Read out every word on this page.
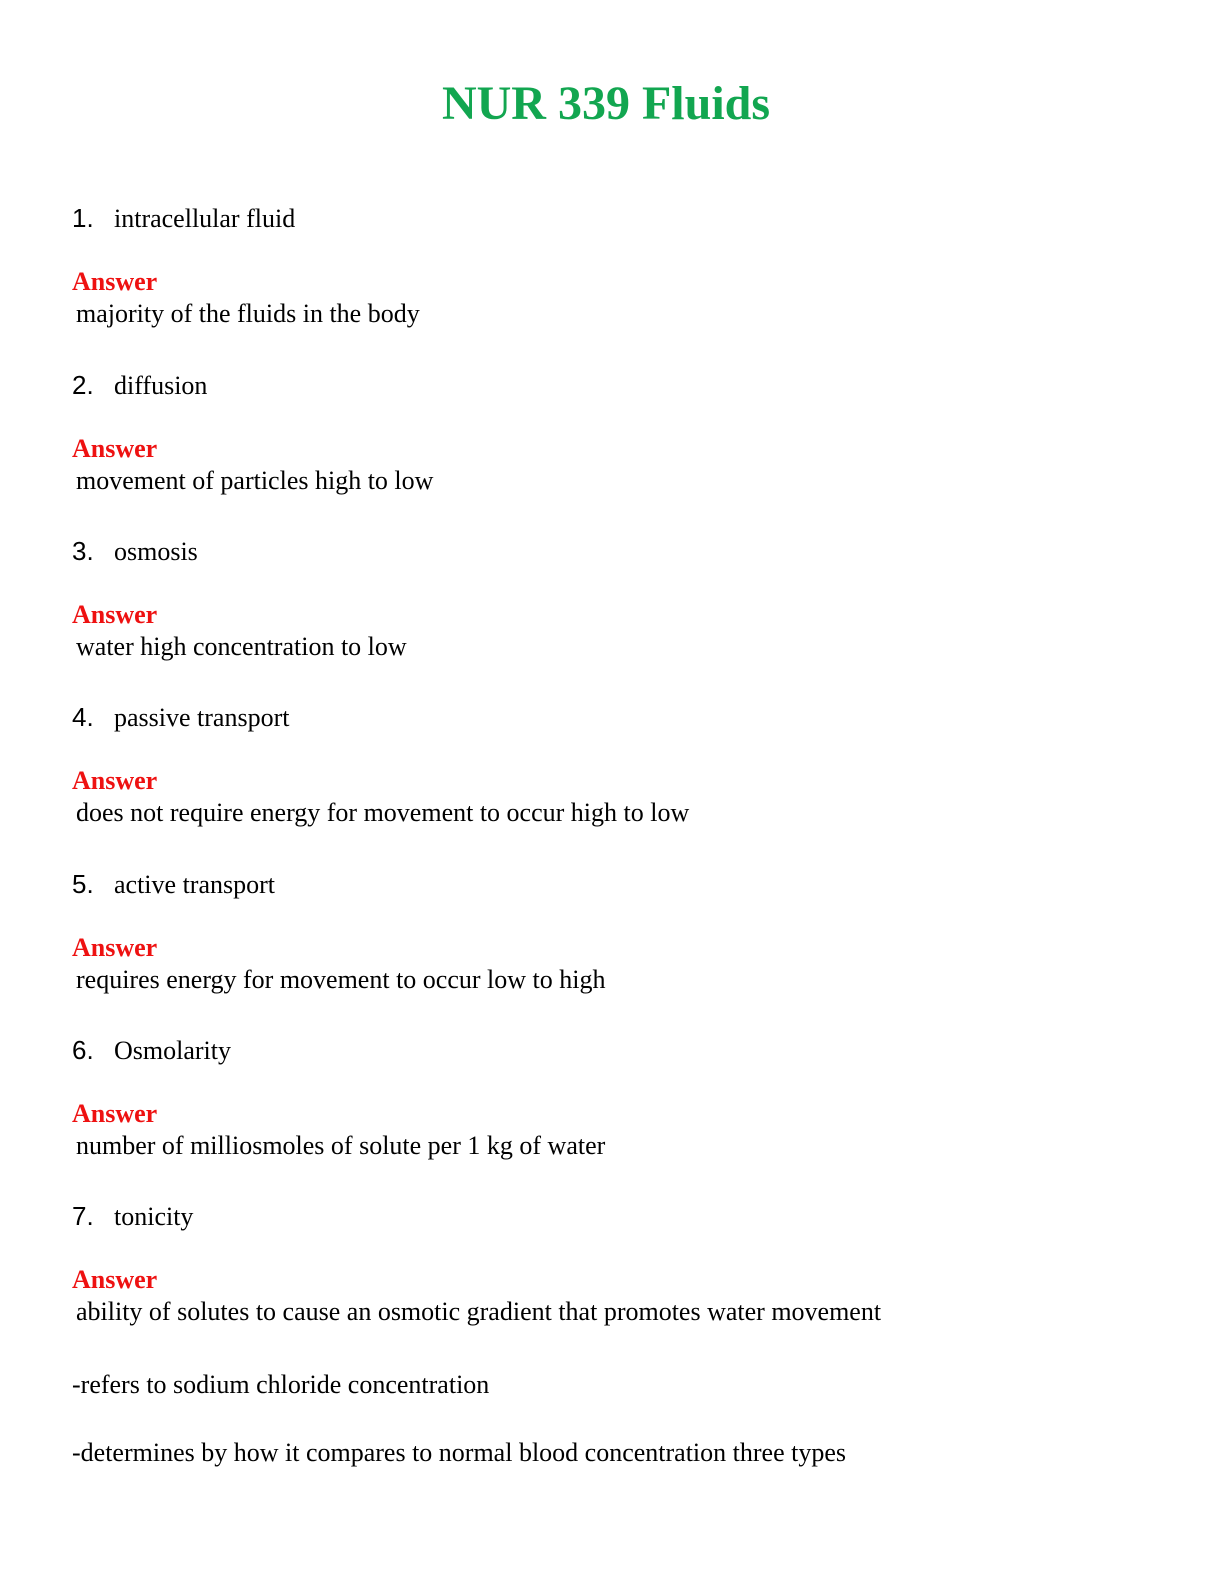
NUR 339 Fluids
1. intracellular fluid
Answer
majority of the fluids in the body
2. diffusion
Answer
movement of particles high to low
3. osmosis
Answer
water high concentration to low
4. passive transport
Answer
does not require energy for movement to occur high to low
5. active transport
Answer
requires energy for movement to occur low to high
6. Osmolarity
Answer
number of milliosmoles of solute per 1 kg of water
7. tonicity
Answer
ability of solutes to cause an osmotic gradient that promotes water movement
-refers to sodium chloride concentration
-determines by how it compares to normal blood concentration three types
